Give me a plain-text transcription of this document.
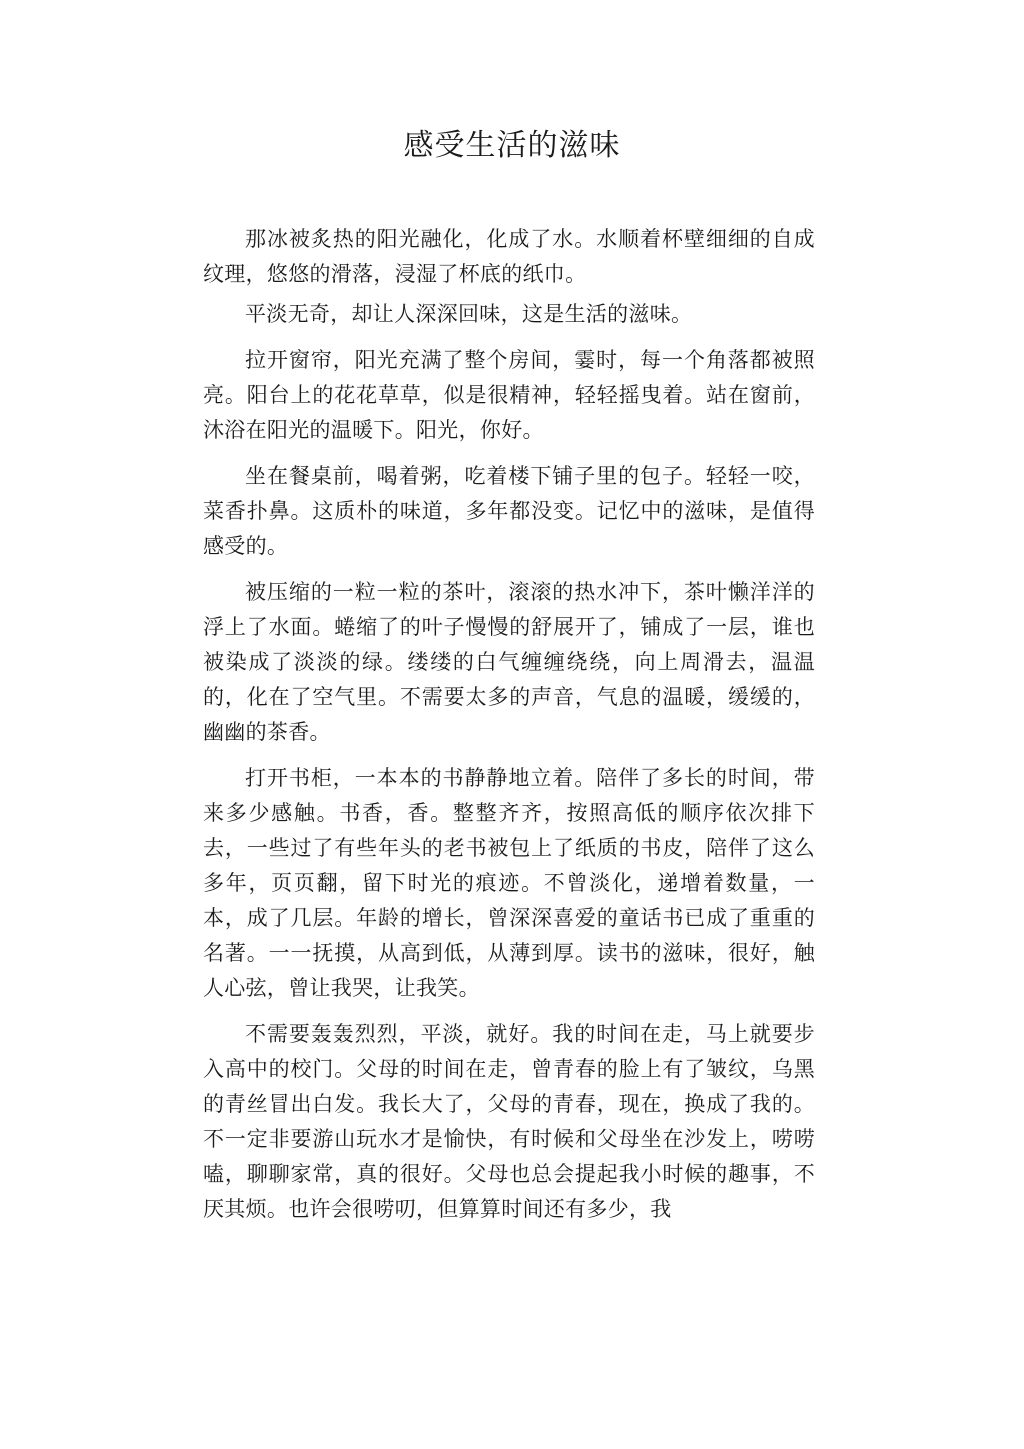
感受生活的滋味

那冰被炙热的阳光融化，化成了水。水顺着杯壁细细的自成纹理，悠悠的滑落，浸湿了杯底的纸巾。

平淡无奇，却让人深深回味，这是生活的滋味。

拉开窗帘，阳光充满了整个房间，霎时，每一个角落都被照亮。阳台上的花花草草，似是很精神，轻轻摇曳着。站在窗前，沐浴在阳光的温暖下。阳光，你好。

坐在餐桌前，喝着粥，吃着楼下铺子里的包子。轻轻一咬，菜香扑鼻。这质朴的味道，多年都没变。记忆中的滋味，是值得感受的。

被压缩的一粒一粒的茶叶，滚滚的热水冲下，茶叶懒洋洋的浮上了水面。蜷缩了的叶子慢慢的舒展开了，铺成了一层，谁也被染成了淡淡的绿。缕缕的白气缠缠绕绕，向上周滑去，温温的，化在了空气里。不需要太多的声音，气息的温暖，缓缓的，幽幽的茶香。

打开书柜，一本本的书静静地立着。陪伴了多长的时间，带来多少感触。书香，香。整整齐齐，按照高低的顺序依次排下去，一些过了有些年头的老书被包上了纸质的书皮，陪伴了这么多年，页页翻，留下时光的痕迹。不曾淡化，递增着数量，一本，成了几层。年龄的增长，曾深深喜爱的童话书已成了重重的名著。一一抚摸，从高到低，从薄到厚。读书的滋味，很好，触人心弦，曾让我哭，让我笑。

不需要轰轰烈烈，平淡，就好。我的时间在走，马上就要步入高中的校门。父母的时间在走，曾青春的脸上有了皱纹，乌黑的青丝冒出白发。我长大了，父母的青春，现在，换成了我的。不一定非要游山玩水才是愉快，有时候和父母坐在沙发上，唠唠嗑，聊聊家常，真的很好。父母也总会提起我小时候的趣事，不厌其烦。也许会很唠叨，但算算时间还有多少，我
